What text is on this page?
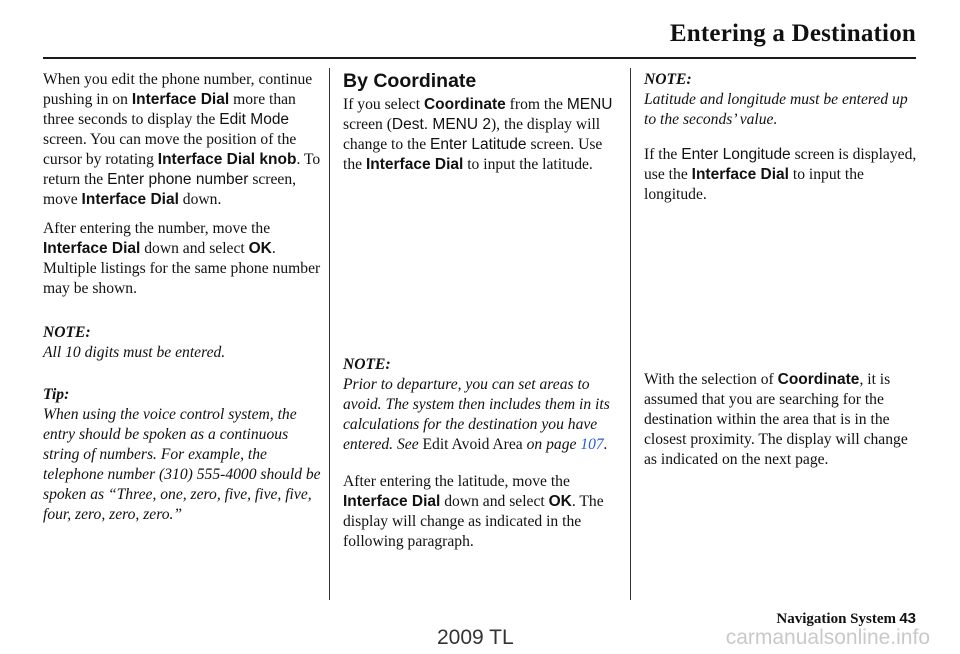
Entering a Destination

When you edit the phone number, continue pushing in on Interface Dial more than three seconds to display the Edit Mode screen. You can move the position of the cursor by rotating Interface Dial knob. To return the Enter phone number screen, move Interface Dial down.

After entering the number, move the Interface Dial down and select OK. Multiple listings for the same phone number may be shown.

NOTE:

All 10 digits must be entered.

Tip:

When using the voice control system, the entry should be spoken as a continuous string of numbers. For example, the telephone number (310) 555-4000 should be spoken as “Three, one, zero, five, five, five, four, zero, zero, zero.”

By Coordinate

If you select Coordinate from the MENU screen (Dest. MENU 2), the display will change to the Enter Latitude screen. Use the Interface Dial to input the latitude.

NOTE:

Prior to departure, you can set areas to avoid. The system then includes them in its calculations for the destination you have entered. See Edit Avoid Area on page 107.

After entering the latitude, move the Interface Dial down and select OK. The display will change as indicated in the following paragraph.

NOTE:

Latitude and longitude must be entered up to the seconds’ value.

If the Enter Longitude screen is displayed, use the Interface Dial to input the longitude.

With the selection of Coordinate, it is assumed that you are searching for the destination within the area that is in the closest proximity. The display will change as indicated on the next page.

Navigation System 43
2009 TL	carmanualsonline.info
